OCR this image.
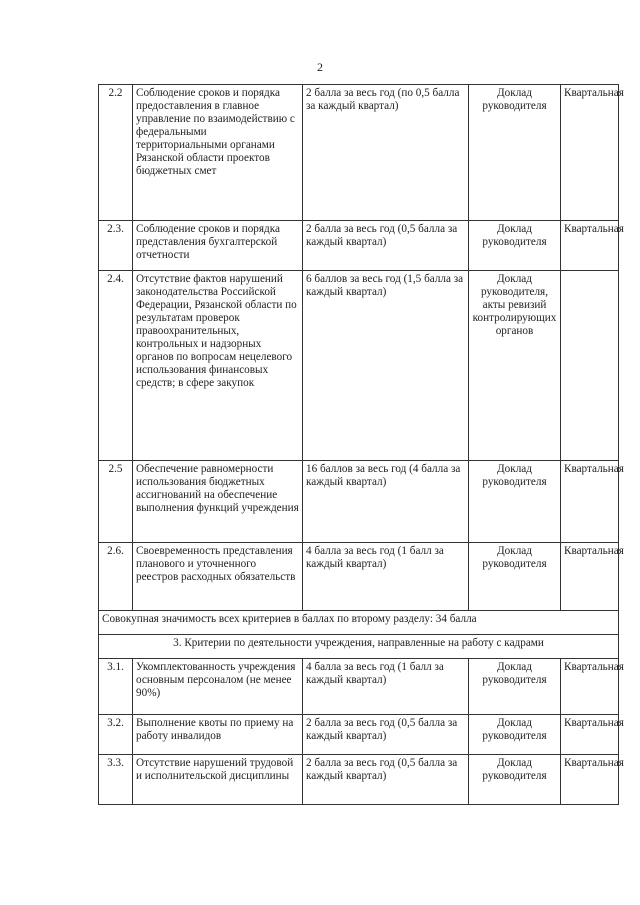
2
2.2	Соблюдение сроков и порядка предоставления в главное управление по взаимодействию с федеральными территориальными органами Рязанской области проектов бюджетных смет	2 балла за весь год (по 0,5 балла за каждый квартал)	Доклад руководителя	Квартальная
2.3.	Соблюдение сроков и порядка представления бухгалтерской отчетности	2 балла за весь год (0,5 балла за каждый квартал)	Доклад руководителя	Квартальная
2.4.	Отсутствие фактов нарушений законодательства Российской Федерации, Рязанской области по результатам проверок правоохранительных, контрольных и надзорных органов по вопросам нецелевого использования финансовых средств; в сфере закупок	6 баллов за весь год (1,5 балла за каждый квартал)	Доклад руководителя, акты ревизий контролирующих органов	
2.5	Обеспечение равномерности использования бюджетных ассигнований на обеспечение выполнения функций учреждения	16 баллов за весь год (4 балла за каждый квартал)	Доклад руководителя	Квартальная
2.6.	Своевременность представления планового и уточненного реестров расходных обязательств	4 балла за весь год (1 балл за каждый квартал)	Доклад руководителя	Квартальная
Совокупная значимость всех критериев в баллах по второму разделу: 34 балла				
3. Критерии по деятельности учреждения, направленные на работу с кадрами				
3.1.	Укомплектованность учреждения основным персоналом (не менее 90%)	4 балла за весь год (1 балл за каждый квартал)	Доклад руководителя	Квартальная
3.2.	Выполнение квоты по приему на работу инвалидов	2 балла за весь год (0,5 балла за каждый квартал)	Доклад руководителя	Квартальная
3.3.	Отсутствие нарушений трудовой и исполнительской дисциплины	2 балла за весь год (0,5 балла за каждый квартал)	Доклад руководителя	Квартальная
